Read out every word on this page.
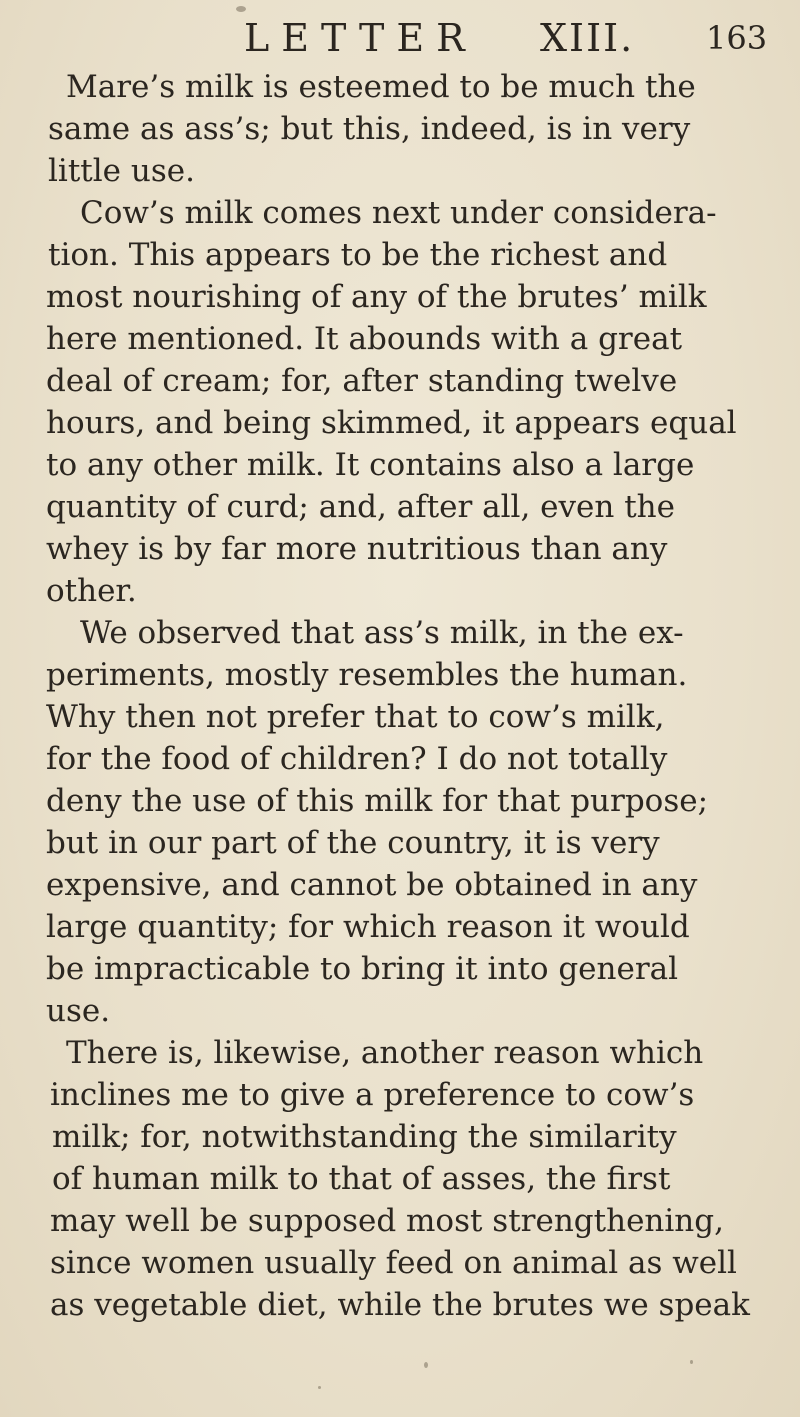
LETTER XIII. 163
Mare’s milk is esteemed to be much the
same as ass’s; but this, indeed, is in very
little use.
Cow’s milk comes next under considera-
tion. This appears to be the richest and
most nourishing of any of the brutes’ milk
here mentioned. It abounds with a great
deal of cream; for, after standing twelve
hours, and being skimmed, it appears equal
to any other milk. It contains also a large
quantity of curd; and, after all, even the
whey is by far more nutritious than any
other.
We observed that ass’s milk, in the ex-
periments, mostly resembles the human.
Why then not prefer that to cow’s milk,
for the food of children? I do not totally
deny the use of this milk for that purpose;
but in our part of the country, it is very
expensive, and cannot be obtained in any
large quantity; for which reason it would
be impracticable to bring it into general
use.
There is, likewise, another reason which
inclines me to give a preference to cow’s
milk; for, notwithstanding the similarity
of human milk to that of asses, the first
may well be supposed most strengthening,
since women usually feed on animal as well
as vegetable diet, while the brutes we speak
